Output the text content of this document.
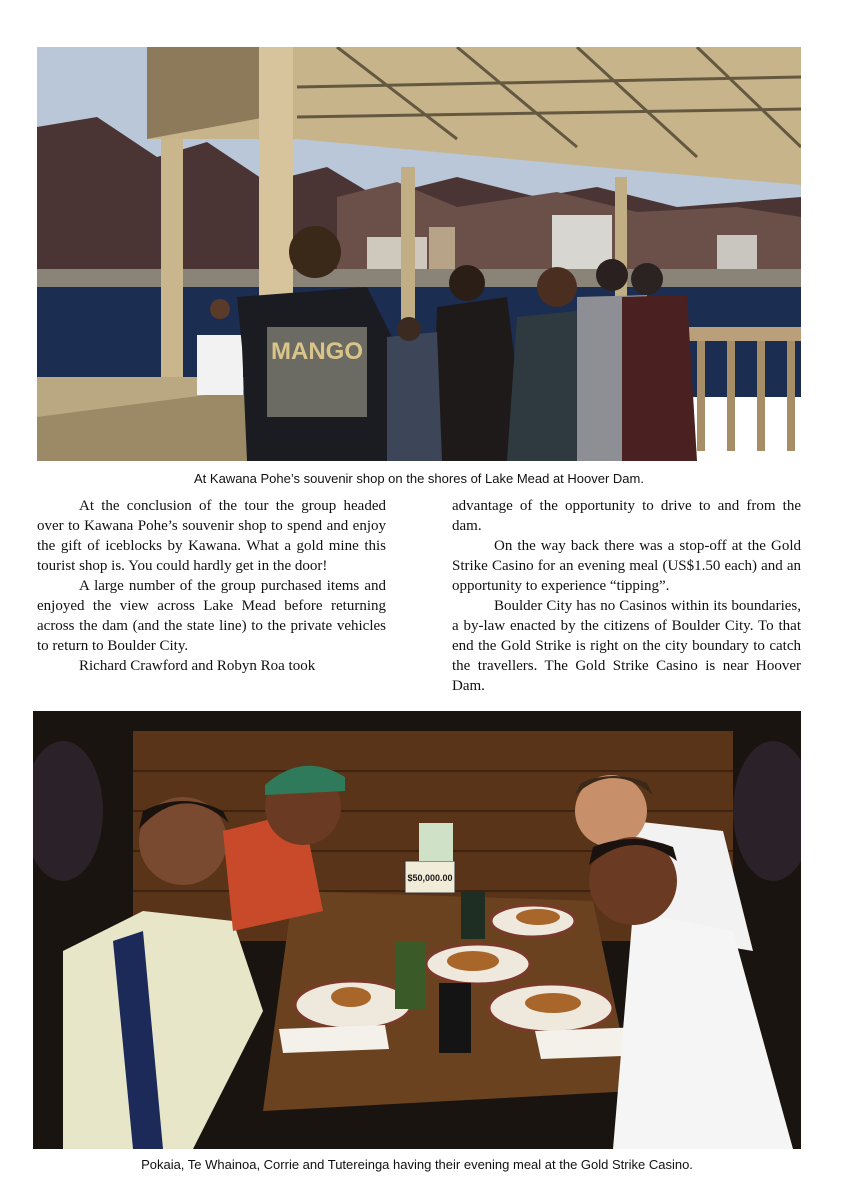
MANGO
At Kawana Pohe’s souvenir shop on the shores of Lake Mead at Hoover Dam.

At the conclusion of the tour the group headed over to Kawana Pohe’s souvenir shop to spend and enjoy the gift of iceblocks by Kawana. What a gold mine this tourist shop is. You could hardly get in the door!

A large number of the group purchased items and enjoyed the view across Lake Mead before returning across the dam (and the state line) to the private vehicles to return to Boulder City.

Richard Crawford and Robyn Roa took

advantage of the opportunity to drive to and from the dam.

On the way back there was a stop-off at the Gold Strike Casino for an evening meal (US$1.50 each) and an opportunity to experience “tipping”.

Boulder City has no Casinos within its boundaries, a by-law enacted by the citizens of Boulder City. To that end the Gold Strike is right on the city boundary to catch the travellers. The Gold Strike Casino is near Hoover Dam.

$50,000.00
Pokaia, Te Whainoa, Corrie and Tutereinga having their evening meal at the Gold Strike Casino.
